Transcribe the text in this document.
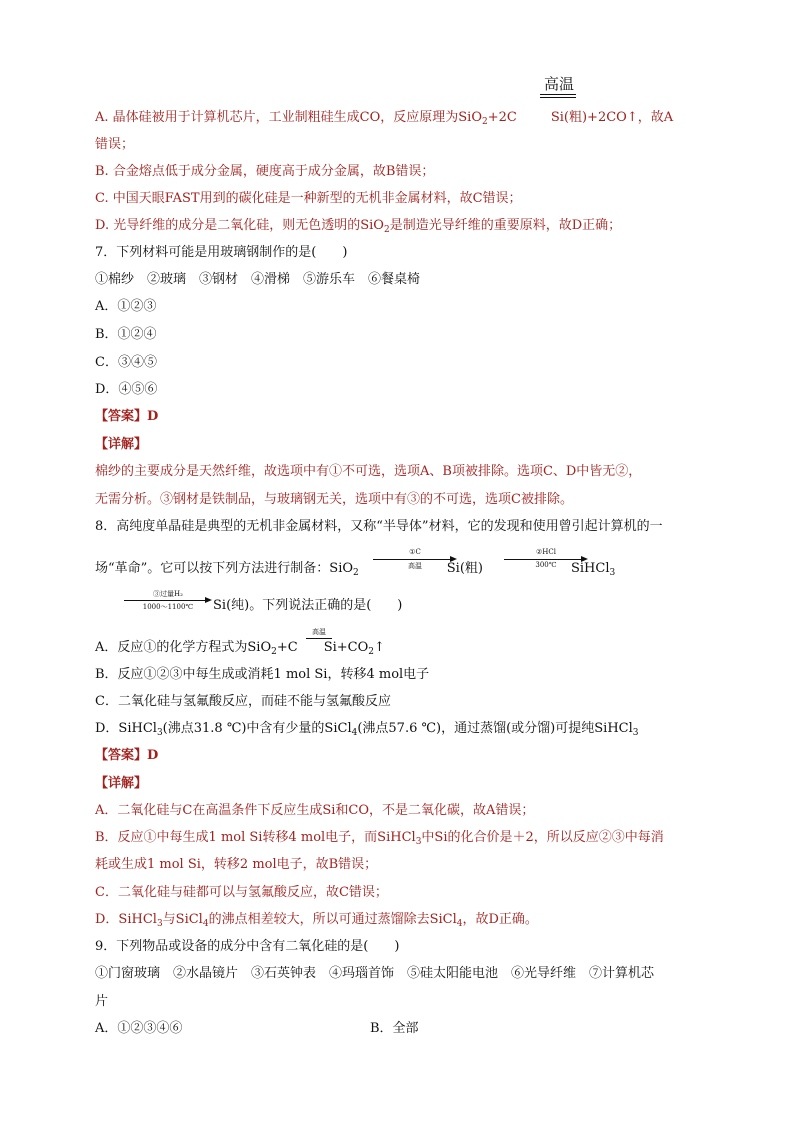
高温
A. 晶体硅被用于计算机芯片，工业制粗硅生成CO，反应原理为SiO$_2$+2C	Si(粗)+2CO↑，故A
错误；
B. 合金熔点低于成分金属，硬度高于成分金属，故B错误；
C. 中国天眼FAST用到的碳化硅是一种新型的无机非金属材料，故C错误；
D. 光导纤维的成分是二氧化硅，则无色透明的SiO$_2$是制造光导纤维的重要原料，故D正确；
7．下列材料可能是用玻璃钢制作的是(　　)
①棉纱　②玻璃　③钢材　④滑梯　⑤游乐车　⑥餐桌椅
A．①②③
B．①②④
C．③④⑤
D．④⑤⑥
【答案】D
【详解】
棉纱的主要成分是天然纤维，故选项中有①不可选，选项A、B项被排除。选项C、D中皆无②，
无需分析。③钢材是铁制品，与玻璃钢无关，选项中有③的不可选，选项C被排除。
8．高纯度单晶硅是典型的无机非金属材料，又称“半导体”材料，它的发现和使用曾引起计算机的一
场“革命”。它可以按下列方法进行制备：SiO$_2$	Si(粗)	SiHCl$_3$
①C
高温
②HCl
300℃
③过量H₂
1000～1100℃	Si(纯)。下列说法正确的是(　　)
A．反应①的化学方程式为SiO$_2$+C $Si+CO_2↑$
高温
B．反应①②③中每生成或消耗1 mol Si，转移4 mol电子
C．二氧化硅与氢氟酸反应，而硅不能与氢氟酸反应
D．SiHCl$_3$(沸点31.8 ℃)中含有少量的SiCl$_4$(沸点57.6 ℃)，通过蒸馏(或分馏)可提纯SiHCl$_3$
【答案】D
【详解】
A．二氧化硅与C在高温条件下反应生成Si和CO，不是二氧化碳，故A错误；
B．反应①中每生成1 mol Si转移4 mol电子，而SiHCl$_3$中Si的化合价是＋2，所以反应②③中每消
耗或生成1 mol Si，转移2 mol电子，故B错误；
C．二氧化硅与硅都可以与氢氟酸反应，故C错误；
D．SiHCl$_3$与SiCl$_4$的沸点相差较大，所以可通过蒸馏除去SiCl$_4$，故D正确。
9．下列物品或设备的成分中含有二氧化硅的是(　　)
①门窗玻璃　②水晶镜片　③石英钟表　④玛瑙首饰　⑤硅太阳能电池　⑥光导纤维　⑦计算机芯
片
A．①②③④⑥	B．全部
